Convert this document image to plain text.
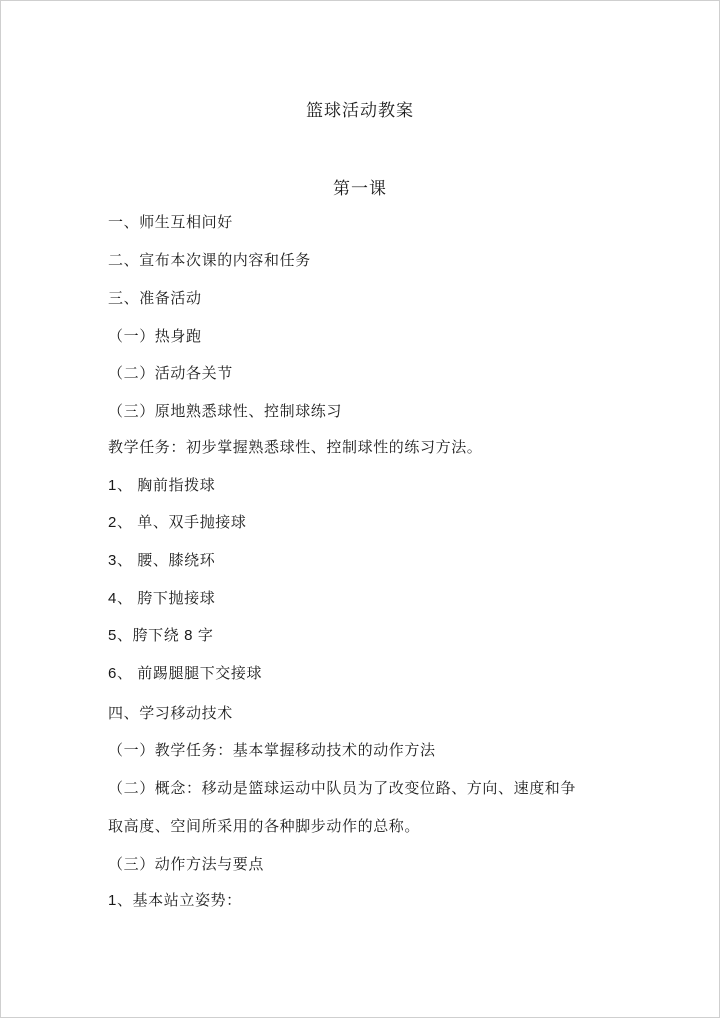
篮球活动教案
第一课
一、师生互相问好
二、宣布本次课的内容和任务
三、准备活动
（一）热身跑
（二）活动各关节
（三）原地熟悉球性、控制球练习
教学任务：初步掌握熟悉球性、控制球性的练习方法。
1、 胸前指拨球
2、 单、双手抛接球
3、 腰、膝绕环
4、 胯下抛接球
5、胯下绕 8 字
6、 前踢腿腿下交接球
四、学习移动技术
（一）教学任务：基本掌握移动技术的动作方法
（二）概念：移动是篮球运动中队员为了改变位路、方向、速度和争
取高度、空间所采用的各种脚步动作的总称。
（三）动作方法与要点
1、基本站立姿势：
